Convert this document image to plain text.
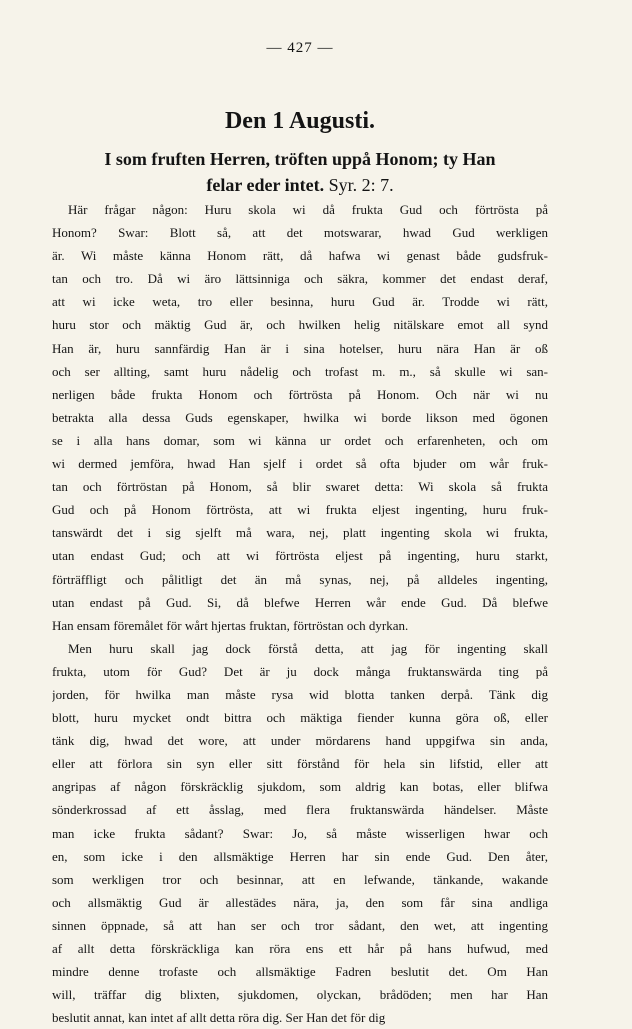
— 427 —
Den 1 Augusti.
I som fruften Herren, tröften uppå Honom; ty Han
felar eder intet. Syr. 2: 7.
Här frågar någon: Huru skola wi då frukta Gud och förtrösta på
Honom? Swar: Blott så, att det motswarar, hwad Gud werkligen
är. Wi måste känna Honom rätt, då hafwa wi genast både gudsfruk-
tan och tro. Då wi äro lättsinniga och säkra, kommer det endast deraf,
att wi icke weta, tro eller besinna, huru Gud är. Trodde wi rätt,
huru stor och mäktig Gud är, och hwilken helig nitälskare emot all synd
Han är, huru sannfärdig Han är i sina hotelser, huru nära Han är oß
och ser allting, samt huru nådelig och trofast m. m., så skulle wi san-
nerligen både frukta Honom och förtrösta på Honom. Och när wi nu
betrakta alla dessa Guds egenskaper, hwilka wi borde likson med ögonen
se i alla hans domar, som wi känna ur ordet och erfarenheten, och om
wi dermed jemföra, hwad Han sjelf i ordet så ofta bjuder om wår fruk-
tan och förtröstan på Honom, så blir swaret detta: Wi skola så frukta
Gud och på Honom förtrösta, att wi frukta eljest ingenting, huru fruk-
tanswärdt det i sig sjelft må wara, nej, platt ingenting skola wi frukta,
utan endast Gud; och att wi förtrösta eljest på ingenting, huru starkt,
förträffligt och pålitligt det än må synas, nej, på alldeles ingenting,
utan endast på Gud. Si, då blefwe Herren wår ende Gud. Då blefwe
Han ensam föremålet för wårt hjertas fruktan, förtröstan och dyrkan.
Men huru skall jag dock förstå detta, att jag för ingenting skall
frukta, utom för Gud? Det är ju dock många fruktanswärda ting på
jorden, för hwilka man måste rysa wid blotta tanken derpå. Tänk dig
blott, huru mycket ondt bittra och mäktiga fiender kunna göra oß, eller
tänk dig, hwad det wore, att under mördarens hand uppgifwa sin anda,
eller att förlora sin syn eller sitt förstånd för hela sin lifstid, eller att
angripas af någon förskräcklig sjukdom, som aldrig kan botas, eller blifwa
sönderkrossad af ett åsslag, med flera fruktanswärda händelser. Måste
man icke frukta sådant? Swar: Jo, så måste wisserligen hwar och
en, som icke i den allsmäktige Herren har sin ende Gud. Den åter,
som werkligen tror och besinnar, att en lefwande, tänkande, wakande
och allsmäktig Gud är allestädes nära, ja, den som får sina andliga
sinnen öppnade, så att han ser och tror sådant, den wet, att ingenting
af allt detta förskräckliga kan röra ens ett hår på hans hufwud, med
mindre denne trofaste och allsmäktige Fadren beslutit det. Om Han
will, träffar dig blixten, sjukdomen, olyckan, brådöden; men har Han
beslutit annat, kan intet af allt detta röra dig. Ser Han det för dig
